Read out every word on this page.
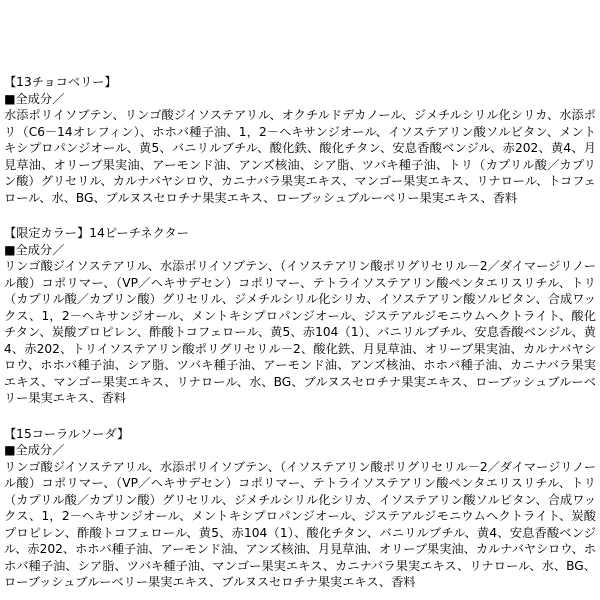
【13チョコベリー】

■全成分／

水添ポリイソブテン、リンゴ酸ジイソステアリル、オクチルドデカノール、ジメチルシリル化シリカ、水添ポリ（C6－14オレフィン）、ホホバ種子油、1，2－ヘキサンジオール、イソステアリン酸ソルビタン、メントキシプロパンジオール、黄5、バニリルブチル、酸化鉄、酸化チタン、安息香酸ベンジル、赤202、黄4、月見草油、オリーブ果実油、アーモンド油、アンズ核油、シア脂、ツバキ種子油、トリ（カプリル酸／カプリン酸）グリセリル、カルナバヤシロウ、カニナバラ果実エキス、マンゴー果実エキス、リナロール、トコフェロール、水、BG、ブルヌスセロチナ果実エキス、ローブッシュブルーベリー果実エキス、香料

【限定カラー】14ピーチネクター

■全成分／

リンゴ酸ジイソステアリル、水添ポリイソブテン、（イソステアリン酸ポリグリセリル－2／ダイマージリノール酸）コポリマー、（VP／ヘキサデセン）コポリマー、テトライソステアリン酸ペンタエリスリチル、トリ（カプリル酸／カプリン酸）グリセリル、ジメチルシリル化シリカ、イソステアリン酸ソルビタン、合成ワックス、1，2－ヘキサンジオール、メントキシプロパンジオール、ジステアルジモニウムヘクトライト、酸化チタン、炭酸プロピレン、酢酸トコフェロール、黄5、赤104（1）、バニリルブチル、安息香酸ベンジル、黄4、赤202、トリイソステアリン酸ポリグリセリル－2、酸化鉄、月見草油、オリーブ果実油、カルナバヤシロウ、ホホバ種子油、シア脂、ツバキ種子油、アーモンド油、アンズ核油、ホホバ種子油、カニナバラ果実エキス、マンゴー果実エキス、リナロール、水、BG、ブルヌスセロチナ果実エキス、ローブッシュブルーベリー果実エキス、香料

【15コーラルソーダ】

■全成分／

リンゴ酸ジイソステアリル、水添ポリイソブテン、（イソステアリン酸ポリグリセリル－2／ダイマージリノール酸）コポリマー、（VP／ヘキサデセン）コポリマー、テトライソステアリン酸ペンタエリスリチル、トリ（カプリル酸／カプリン酸）グリセリル、ジメチルシリル化シリカ、イソステアリン酸ソルビタン、合成ワックス、1，2－ヘキサンジオール、メントキシプロパンジオール、ジステアルジモニウムヘクトライト、炭酸プロピレン、酢酸トコフェロール、黄5、赤104（1）、酸化チタン、バニリルブチル、黄4、安息香酸ベンジル、赤202、ホホバ種子油、アーモンド油、アンズ核油、月見草油、オリーブ果実油、カルナバヤシロウ、ホホバ種子油、シア脂、ツバキ種子油、マンゴー果実エキス、カニナバラ果実エキス、リナロール、水、BG、ローブッシュブルーベリー果実エキス、ブルヌスセロチナ果実エキス、香料
